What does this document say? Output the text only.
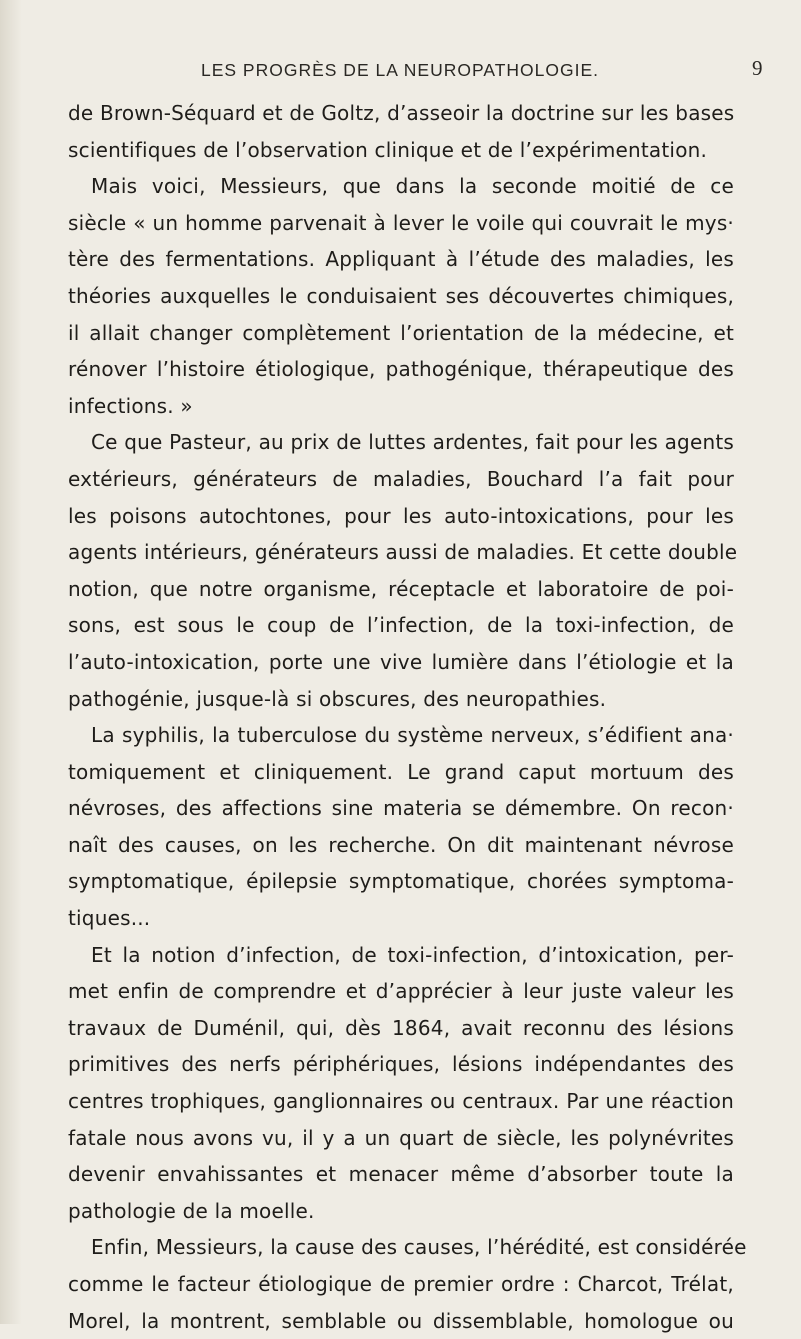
LES PROGRÈS DE LA NEUROPATHOLOGIE.	9
de Brown-Séquard et de Goltz, d’asseoir la doctrine sur les bases
scientifiques de l’observation clinique et de l’expérimentation.
Mais voici, Messieurs, que dans la seconde moitié de ce
siècle « un homme parvenait à lever le voile qui couvrait le mys·
tère des fermentations. Appliquant à l’étude des maladies, les
théories auxquelles le conduisaient ses découvertes chimiques,
il allait changer complètement l’orientation de la médecine, et
rénover l’histoire étiologique, pathogénique, thérapeutique des
infections. »
Ce que Pasteur, au prix de luttes ardentes, fait pour les agents
extérieurs, générateurs de maladies, Bouchard l’a fait pour
les poisons autochtones, pour les auto-intoxications, pour les
agents intérieurs, générateurs aussi de maladies. Et cette double
notion, que notre organisme, réceptacle et laboratoire de poi-
sons, est sous le coup de l’infection, de la toxi-infection, de
l’auto-intoxication, porte une vive lumière dans l’étiologie et la
pathogénie, jusque-là si obscures, des neuropathies.
La syphilis, la tuberculose du système nerveux, s’édifient ana·
tomiquement et cliniquement. Le grand caput mortuum des
névroses, des affections sine materia se démembre. On recon·
naît des causes, on les recherche. On dit maintenant névrose
symptomatique, épilepsie symptomatique, chorées symptoma-
tiques...
Et la notion d’infection, de toxi-infection, d’intoxication, per-
met enfin de comprendre et d’apprécier à leur juste valeur les
travaux de Duménil, qui, dès 1864, avait reconnu des lésions
primitives des nerfs périphériques, lésions indépendantes des
centres trophiques, ganglionnaires ou centraux. Par une réaction
fatale nous avons vu, il y a un quart de siècle, les polynévrites
devenir envahissantes et menacer même d’absorber toute la
pathologie de la moelle.
Enfin, Messieurs, la cause des causes, l’hérédité, est considérée
comme le facteur étiologique de premier ordre : Charcot, Trélat,
Morel, la montrent, semblable ou dissemblable, homologue ou
